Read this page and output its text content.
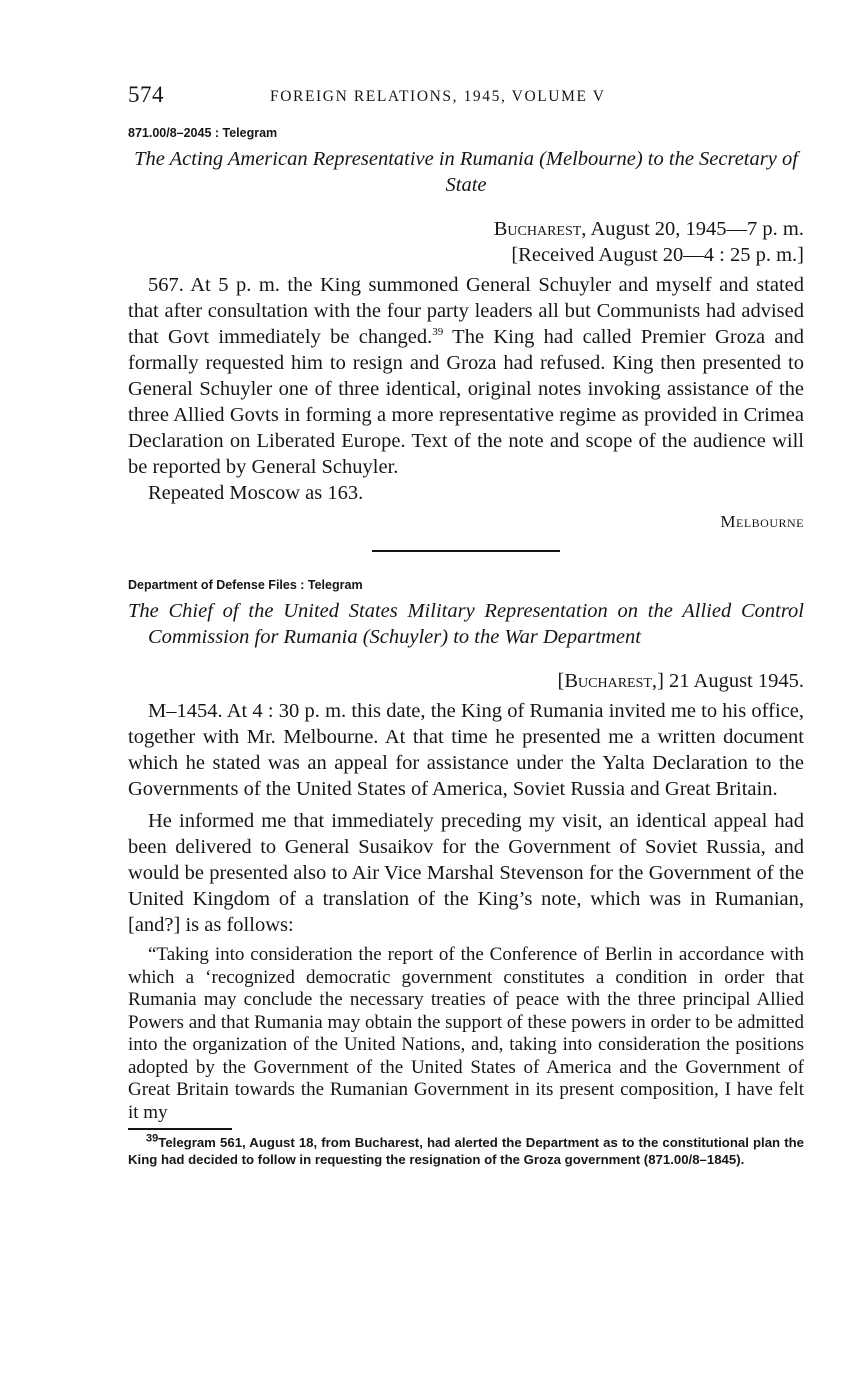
574	FOREIGN RELATIONS, 1945, VOLUME V
871.00/8–2045 : Telegram
The Acting American Representative in Rumania (Melbourne) to the Secretary of State
Bucharest, August 20, 1945—7 p. m.
[Received August 20—4 : 25 p. m.]

567. At 5 p. m. the King summoned General Schuyler and myself and stated that after consultation with the four party leaders all but Communists had advised that Govt immediately be changed.$^{39}$ The King had called Premier Groza and formally requested him to resign and Groza had refused. King then presented to General Schuyler one of three identical, original notes invoking assistance of the three Allied Govts in forming a more representative regime as provided in Crimea Declaration on Liberated Europe. Text of the note and scope of the audience will be reported by General Schuyler.

Repeated Moscow as 163.

Melbourne
Department of Defense Files : Telegram
The Chief of the United States Military Representation on the Allied Control Commission for Rumania (Schuyler) to the War Department
[Bucharest,] 21 August 1945.

M–1454. At 4 : 30 p. m. this date, the King of Rumania invited me to his office, together with Mr. Melbourne. At that time he presented me a written document which he stated was an appeal for assistance under the Yalta Declaration to the Governments of the United States of America, Soviet Russia and Great Britain.

He informed me that immediately preceding my visit, an identical appeal had been delivered to General Susaikov for the Government of Soviet Russia, and would be presented also to Air Vice Marshal Stevenson for the Government of the United Kingdom of a translation of the King’s note, which was in Rumanian, [and?] is as follows:

“Taking into consideration the report of the Conference of Berlin in accordance with which a ‘recognized democratic government constitutes a condition in order that Rumania may conclude the necessary treaties of peace with the three principal Allied Powers and that Rumania may obtain the support of these powers in order to be admitted into the organization of the United Nations, and, taking into consideration the positions adopted by the Government of the United States of America and the Government of Great Britain towards the Rumanian Government in its present composition, I have felt it my

$^{39}$Telegram 561, August 18, from Bucharest, had alerted the Department as to the constitutional plan the King had decided to follow in requesting the resignation of the Groza government (871.00/8–1845).
